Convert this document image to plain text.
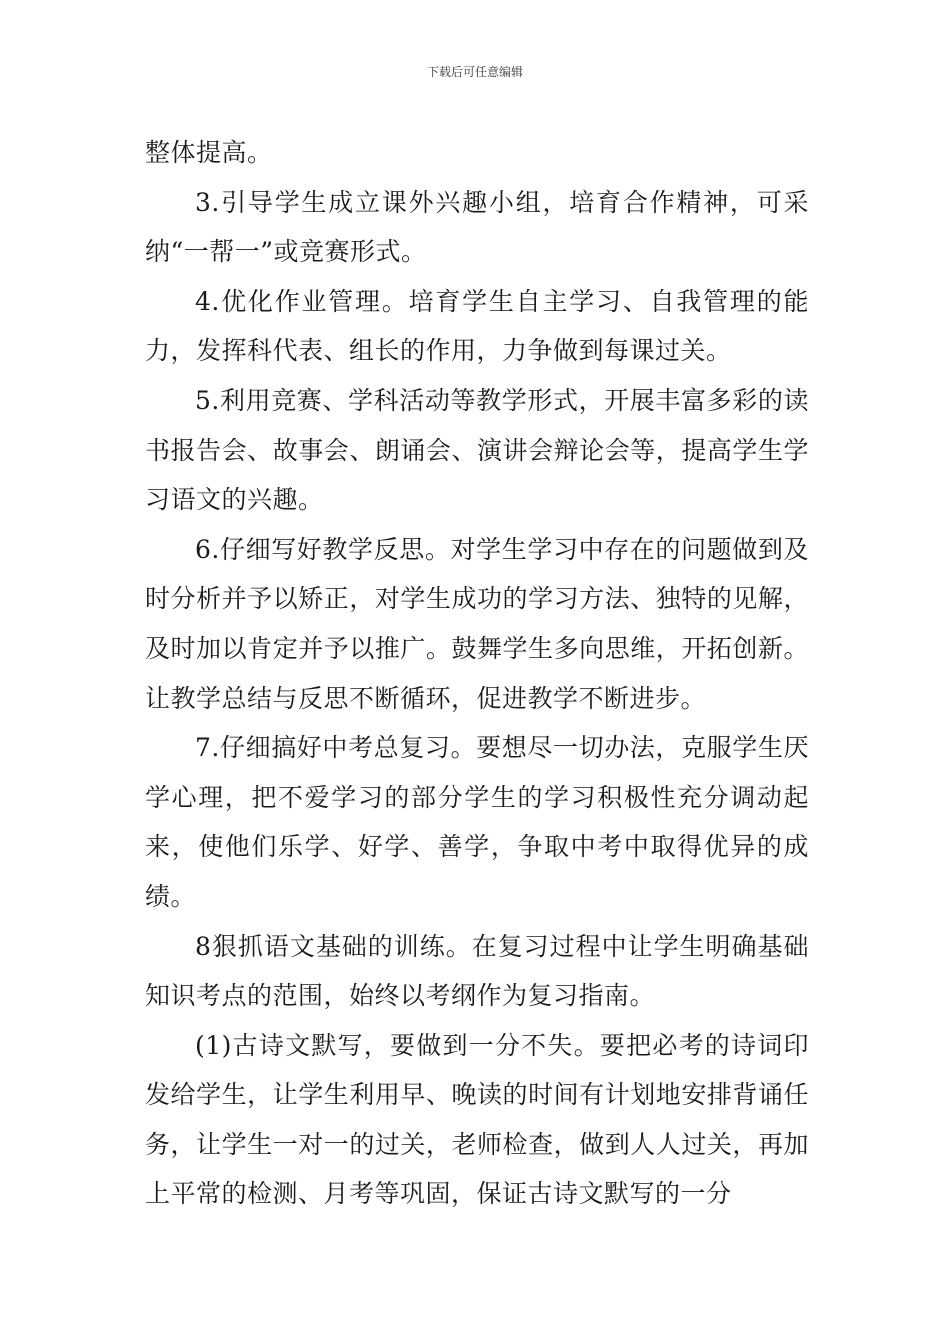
下载后可任意编辑

整体提高。

3.引导学生成立课外兴趣小组，培育合作精神，可采纳“一帮一”或竞赛形式。

4.优化作业管理。培育学生自主学习、自我管理的能力，发挥科代表、组长的作用，力争做到每课过关。

5.利用竞赛、学科活动等教学形式，开展丰富多彩的读书报告会、故事会、朗诵会、演讲会辩论会等，提高学生学习语文的兴趣。

6.仔细写好教学反思。对学生学习中存在的问题做到及时分析并予以矫正，对学生成功的学习方法、独特的见解，及时加以肯定并予以推广。鼓舞学生多向思维，开拓创新。让教学总结与反思不断循环，促进教学不断进步。

7.仔细搞好中考总复习。要想尽一切办法，克服学生厌学心理，把不爱学习的部分学生的学习积极性充分调动起来，使他们乐学、好学、善学，争取中考中取得优异的成绩。

8狠抓语文基础的训练。在复习过程中让学生明确基础知识考点的范围，始终以考纲作为复习指南。

(1)古诗文默写，要做到一分不失。要把必考的诗词印发给学生，让学生利用早、晚读的时间有计划地安排背诵任务，让学生一对一的过关，老师检查，做到人人过关，再加上平常的检测、月考等巩固，保证古诗文默写的一分
